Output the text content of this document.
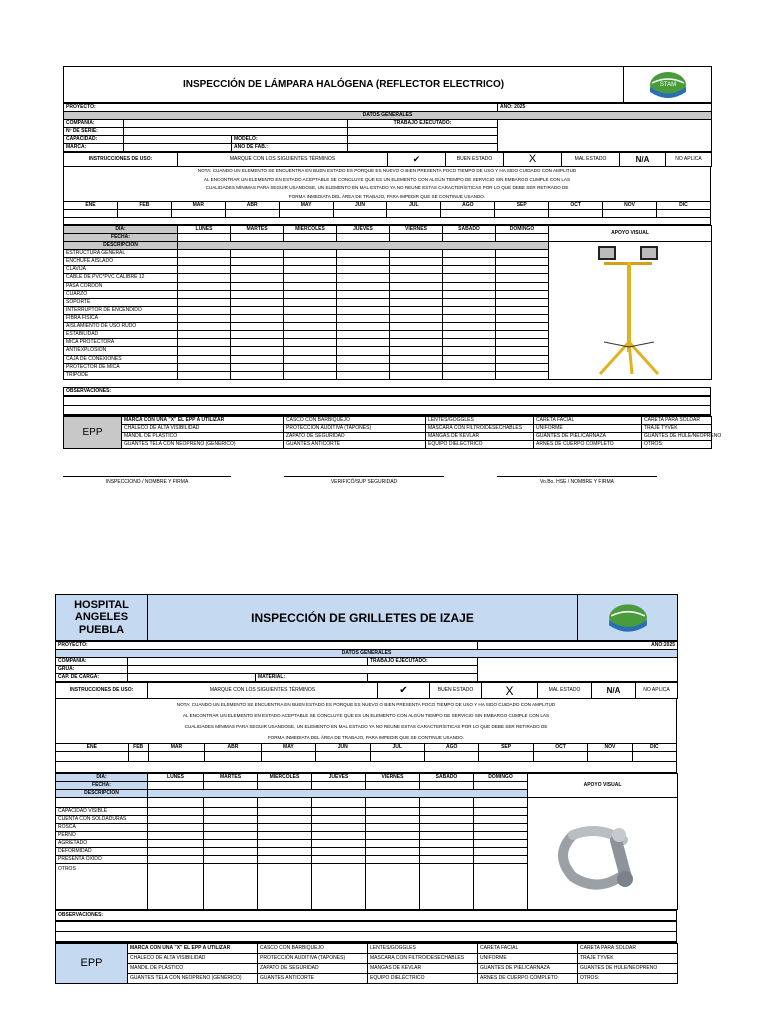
INSPECCIÓN DE LÁMPARA HALÓGENA (REFLECTOR ELECTRICO)	STAM
PROYECTO:				AÑO: 2025
DATOS GENERALES				
COMPAÑÍA:			TRABAJO EJECUTADO:	
Nº DE SERIE:				
CAPACIDAD:		MODELO:		
MARCA:		AÑO DE FAB.:		
INSTRUCCIONES DE USO:	MARQUE CON LOS SIGUIENTES TÉRMINOS	✔	BUEN ESTADO	X	MAL ESTADO	N/A	NO APLICA
NOTA: CUANDO UN ELEMENTO SE ENCUENTRA EN BUEN ESTADO ES PORQUE ES NUEVO O BIEN PRESENTA POCO TIEMPO DE USO Y HA SIDO CUIDADO CON AMPLITUD
AL ENCONTRAR UN ELEMENTO EN ESTADO ACEPTABLE SE CONCLUYE QUE ES UN ELEMENTO CON ALGÚN TIEMPO DE SERVICIO SIN EMBARGO CUMPLE CON LAS
CUALIDADES MÍNIMAS PARA SEGUIR USANDOSE, UN ELEMENTO EN MAL ESTADO YA NO REUNE ESTAS CARACTERÍSTICAS POR LO QUE DEBE SER RETIRADO DE
FORMA INMEDIATA DEL ÁREA DE TRABAJO, PARA IMPEDIR QUE SE CONTINUE USANDO.
ENE	FEB	MAR	ABR	MAY	JUN	JUL	AGO	SEP	OCT	NOV	DIC

DIA:	LUNES	MARTES	MIÉRCOLES	JUEVES	VIERNES	SÁBADO	DOMINGO	APOYO VISUAL
FECHA:								
DESCRIPCION		
ESTRUCTURA GENERAL								
ENCHUFE AISLADO								
CLAVIJA								
CABLE DE PVC*PVC CALIBRE 12								
PASA CORDON								
CUARZO								
SOPORTE								
INTERRUPTOR DE ENCENDIDO								
FIBRA FISICA								
AISLAMIENTO DE USO RUDO								
ESTABILIDAD								
MICA PROTECTORA								
ANTIEXPLOSIÓN								
CAJA DE CONEXIONES								
PROTECTOR DE MICA								
TRIPODE								
OBSERVACIONES:

EPP	MARCA CON UNA "X" EL EPP A UTILIZAR	CASCO CON BARBIQUEJO	LENTES/GOGGLES	CARETA FACIAL	CARETA PARA SOLDAR
	CHALECO DE ALTA VISIBILIDAD	PROTECCIÓN AUDITIVA (TAPONES)	MASCARA CON FILTRO/DESECHABLES	UNIFORME	TRAJE TYVEK
	MANDIL DE PLÁSTICO	ZAPATO DE SEGURIDAD	MANGAS DE KEVLAR	GUANTES DE PIEL/CARNAZA	GUANTES DE HULE/NEOPRENO
	GUANTES TELA CON NEOPRENO (GENÉRICO)	GUANTES ANTICORTE	EQUIPO DIELÉCTRICO	ARNES DE CUERPO COMPLETO	OTROS:
INSPECCIONO / NOMBRE Y FIRMA	VERIFICÓ/SUP SEGURIDAD	Vo.Bo. HSE / NOMBRE Y FIRMA
HOSPITAL ANGELES PUEBLA	INSPECCIÓN DE GRILLETES DE IZAJE	
PROYECTO:				AÑO:2025
DATOS GENERALES				
COMPAÑÍA:			TRABAJO EJECUTADO:	
GRUA:				
CAP. DE CARGA:		MATERIAL:		
INSTRUCCIONES DE USO:	MARQUE CON LOS SIGUIENTES TÉRMINOS	✔	BUEN ESTADO	X	MAL ESTADO	N/A	NO APLICA
NOTA: CUANDO UN ELEMENTO SE ENCUENTRA EN BUEN ESTADO ES PORQUE ES NUEVO O BIEN PRESENTA POCO TIEMPO DE USO Y HA SIDO CUIDADO CON AMPLITUD
AL ENCONTRAR UN ELEMENTO EN ESTADO ACEPTABLE SE CONCLUYE QUE ES UN ELEMENTO CON ALGÚN TIEMPO DE SERVICIO SIN EMBARGO CUMPLE CON LAS
CUALIDADES MÍNIMAS PARA SEGUIR USANDOSE, UN ELEMENTO EN MAL ESTADO YA NO REUNE ESTAS CARACTERÍSTICAS POR LO QUE DEBE SER RETIRADO DE
FORMA INMEDIATA DEL ÁREA DE TRABAJO, PARA IMPEDIR QUE SE CONTINUE USANDO.
ENE	FEB	MAR	ABR	MAY	JUN	JUL	AGO	SEP	OCT	NOV	DIC

DIA:	LUNES	MARTES	MIÉRCOLES	JUEVES	VIERNES	SÁBADO	DOMINGO	APOYO VISUAL
FECHA:								
DESCRIPCIÓN								

CAPACIDAD VISIBLE								
CUENTA CON SOLDADURAS								
ROSCA								
PERNO								
AGRIETADO								
DEFORMIDAD								
PRESENTA OXIDO								
OTROS								
OBSERVACIONES:

EPP	MARCA CON UNA "X" EL EPP A UTILIZAR	CASCO CON BARBIQUEJO	LENTES/GOGGLES	CARETA FACIAL	CARETA PARA SOLDAR
	CHALECO DE ALTA VISIBILIDAD	PROTECCIÓN AUDITIVA (TAPONES)	MASCARA CON FILTRO/DESECHABLES	UNIFORME	TRAJE TYVEK
	MANDIL DE PLÁSTICO	ZAPATO DE SEGURIDAD	MANGAS DE KEVLAR	GUANTES DE PIEL/CARNAZA	GUANTES DE HULE/NEOPRENO
	GUANTES TELA CON NEOPRENO (GENÉRICO)	GUANTES ANTICORTE	EQUIPO DIELÉCTRICO	ARNES DE CUERPO COMPLETO	OTROS:
